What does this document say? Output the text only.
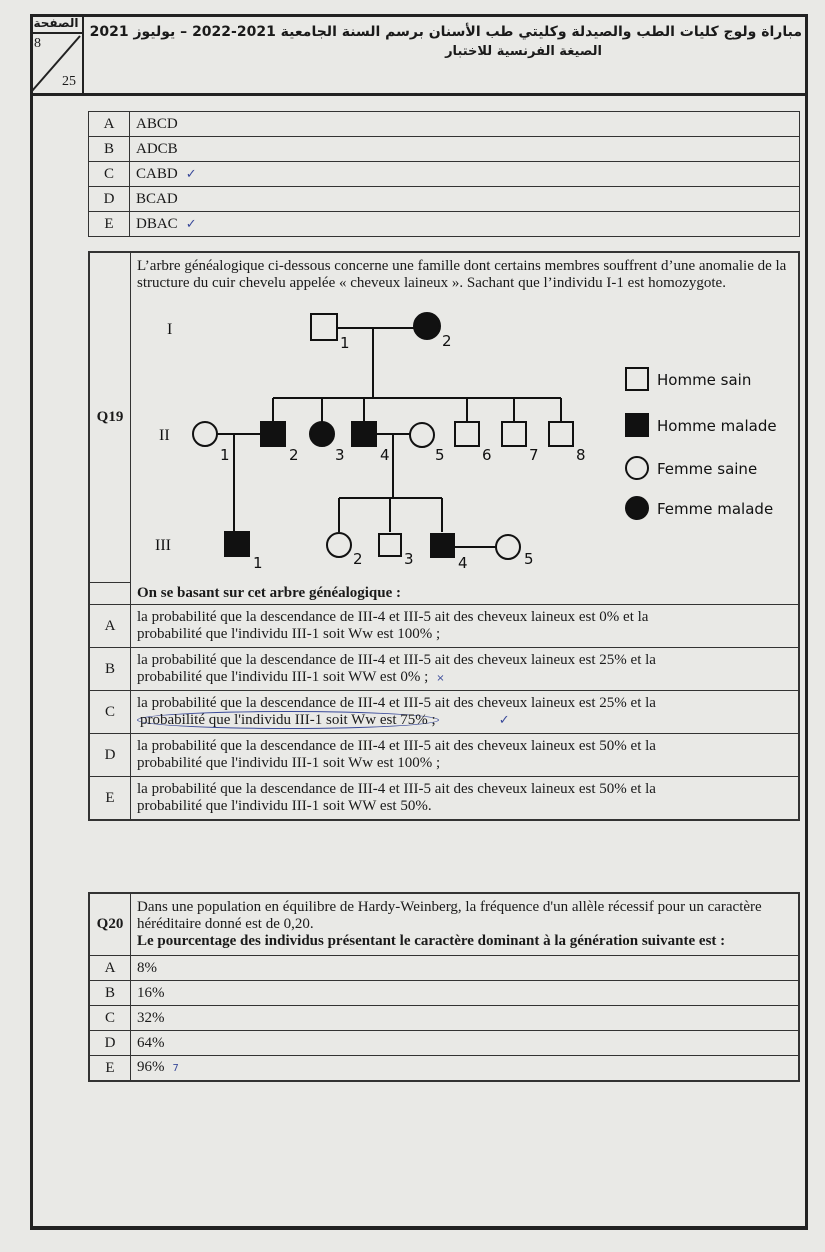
الصفحة
8
25
مباراة ولوج كليات الطب والصيدلة وكليتي طب الأسنان برسم السنة الجامعية 2021-2022 – يوليوز 2021
الصيغة الفرنسية للاختبار
A	ABCD
B	ADCB
C	CABD ✓
D	BCAD
E	DBAC ✓
Q19
L’arbre généalogique ci-dessous concerne une famille dont certains membres souffrent d’une anomalie de la structure du cuir chevelu appelée « cheveux laineux ». Sachant que l’individu I-1 est homozygote.
I
II
III
1	2
1	2 3 4	5 6 7 8
1	2	3	4	5
Homme sain
Homme malade
Femme saine
Femme malade
On se basant sur cet arbre généalogique :
A
la probabilité que la descendance de III-4 et III-5 ait des cheveux laineux est 0% et la
probabilité que l'individu III-1 soit Ww est 100% ;
B
la probabilité que la descendance de III-4 et III-5 ait des cheveux laineux est 25% et la
probabilité que l'individu III-1 soit WW est 0% ; ×
C
la probabilité que la descendance de III-4 et III-5 ait des cheveux laineux est 25% et la
probabilité que l'individu III-1 soit Ww est 75% ;	✓
D
la probabilité que la descendance de III-4 et III-5 ait des cheveux laineux est 50% et la
probabilité que l'individu III-1 soit Ww est 100% ;
E
la probabilité que la descendance de III-4 et III-5 ait des cheveux laineux est 50% et la
probabilité que l'individu III-1 soit WW est 50%.
Q20
Dans une population en équilibre de Hardy-Weinberg, la fréquence d'un allèle récessif pour un caractère héréditaire donné est de 0,20.
Le pourcentage des individus présentant le caractère dominant à la génération suivante est :
A	8%
B	16%
C	32%
D	64%
E	96% 7
